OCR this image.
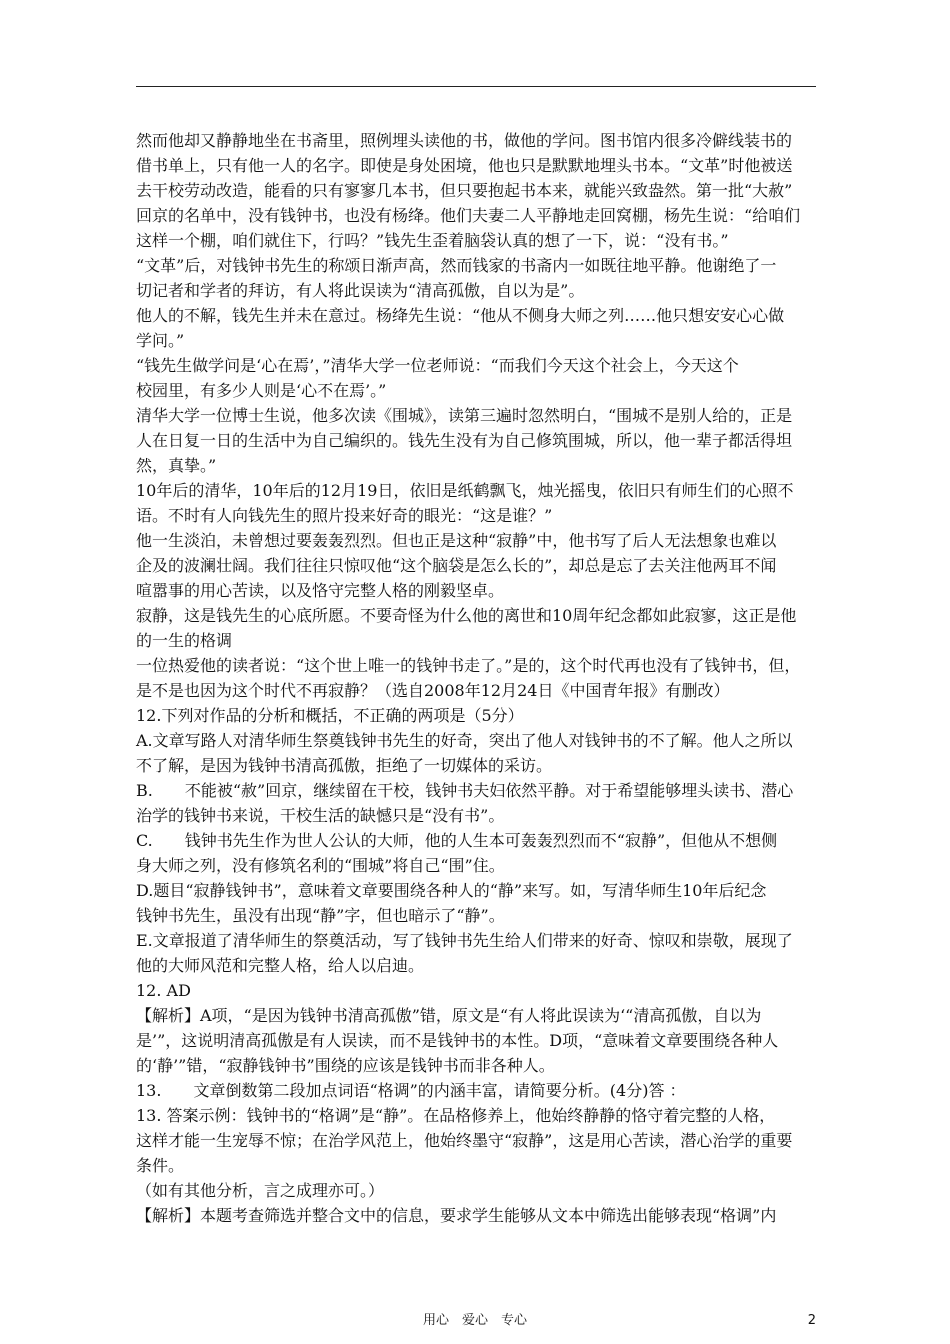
然而他却又静静地坐在书斋里，照例埋头读他的书，做他的学问。图书馆内很多冷僻线装书的
借书单上，只有他一人的名字。即使是身处困境，他也只是默默地埋头书本。“文革”时他被送
去干校劳动改造，能看的只有寥寥几本书，但只要抱起书本来，就能兴致盎然。第一批“大赦”
回京的名单中，没有钱钟书，也没有杨绛。他们夫妻二人平静地走回窝棚，杨先生说：“给咱们
这样一个棚，咱们就住下，行吗？”钱先生歪着脑袋认真的想了一下，说：“没有书。”
“文革”后，对钱钟书先生的称颂日渐声高，然而钱家的书斋内一如既往地平静。他谢绝了一
切记者和学者的拜访，有人将此误读为“清高孤傲，自以为是”。
他人的不解，钱先生并未在意过。杨绛先生说：“他从不侧身大师之列……他只想安安心心做
学问。”
“钱先生做学问是‘心在焉’，”清华大学一位老师说：“而我们今天这个社会上，今天这个
校园里，有多少人则是‘心不在焉’。”
清华大学一位博士生说，他多次读《围城》，读第三遍时忽然明白，“围城不是别人给的，正是
人在日复一日的生活中为自己编织的。钱先生没有为自己修筑围城，所以，他一辈子都活得坦
然，真挚。”
10年后的清华，10年后的12月19日，依旧是纸鹤飘飞，烛光摇曳，依旧只有师生们的心照不
语。不时有人向钱先生的照片投来好奇的眼光：“这是谁？”
他一生淡泊，未曾想过要轰轰烈烈。但也正是这种“寂静”中，他书写了后人无法想象也难以
企及的波澜壮阔。我们往往只惊叹他“这个脑袋是怎么长的”，却总是忘了去关注他两耳不闻
喧嚣事的用心苦读，以及恪守完整人格的刚毅坚卓。
寂静，这是钱先生的心底所愿。不要奇怪为什么他的离世和10周年纪念都如此寂寥，这正是他
的一生的格调
一位热爱他的读者说：“这个世上唯一的钱钟书走了。”是的，这个时代再也没有了钱钟书，但，
是不是也因为这个时代不再寂静？（选自2008年12月24日《中国青年报》有删改）
12.下列对作品的分析和概括，不正确的两项是（5分）
A.文章写路人对清华师生祭奠钱钟书先生的好奇，突出了他人对钱钟书的不了解。他人之所以
不了解，是因为钱钟书清高孤傲，拒绝了一切媒体的采访。
B.　　不能被“赦”回京，继续留在干校，钱钟书夫妇依然平静。对于希望能够埋头读书、潜心
治学的钱钟书来说，干校生活的缺憾只是“没有书”。
C.　　钱钟书先生作为世人公认的大师，他的人生本可轰轰烈烈而不“寂静”，但他从不想侧
身大师之列，没有修筑名利的“围城”将自己“围”住。
D.题目“寂静钱钟书”，意味着文章要围绕各种人的“静”来写。如，写清华师生10年后纪念
钱钟书先生，虽没有出现“静”字，但也暗示了“静”。
E.文章报道了清华师生的祭奠活动，写了钱钟书先生给人们带来的好奇、惊叹和崇敬，展现了
他的大师风范和完整人格，给人以启迪。
12. AD
【解析】A项，“是因为钱钟书清高孤傲”错，原文是“有人将此误读为‘“清高孤傲，自以为
是’”，这说明清高孤傲是有人误读，而不是钱钟书的本性。D项，“意味着文章要围绕各种人
的‘静’”错，“寂静钱钟书”围绕的应该是钱钟书而非各种人。
13.　　文章倒数第二段加点词语“格调”的内涵丰富，请简要分析。(4分)答 ：
13. 答案示例：钱钟书的“格调”是“静”。在品格修养上，他始终静静的恪守着完整的人格，
这样才能一生宠辱不惊；在治学风范上，他始终墨守“寂静”，这是用心苦读，潜心治学的重要
条件。
（如有其他分析，言之成理亦可。）
【解析】本题考查筛选并整合文中的信息，要求学生能够从文本中筛选出能够表现“格调”内
用心　爱心　专心	2
